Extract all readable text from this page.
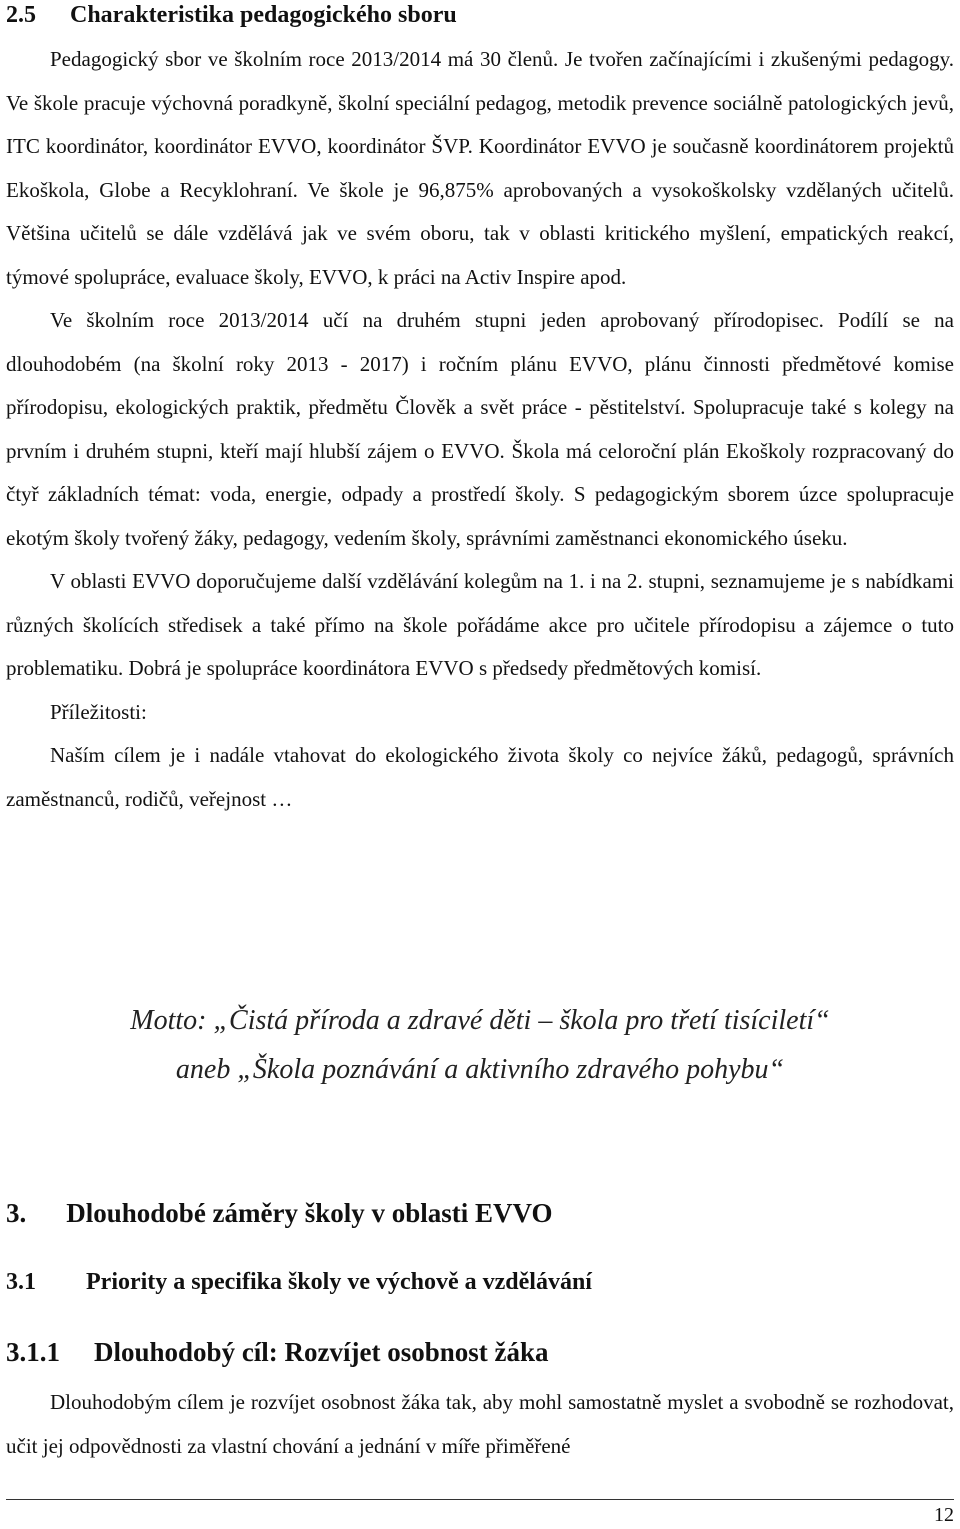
2.5 Charakteristika pedagogického sboru

Pedagogický sbor ve školním roce 2013/2014 má 30 členů. Je tvořen začínajícími i zkušenými pedagogy. Ve škole pracuje výchovná poradkyně, školní speciální pedagog, metodik prevence sociálně patologických jevů, ITC koordinátor, koordinátor EVVO, koordinátor ŠVP. Koordinátor EVVO je současně koordinátorem projektů Ekoškola, Globe a Recyklohraní. Ve škole je 96,875% aprobovaných a vysokoškolsky vzdělaných učitelů. Většina učitelů se dále vzdělává jak ve svém oboru, tak v oblasti kritického myšlení, empatických reakcí, týmové spolupráce, evaluace školy, EVVO, k práci na Activ Inspire apod.

Ve školním roce 2013/2014 učí na druhém stupni jeden aprobovaný přírodopisec. Podílí se na dlouhodobém (na školní roky 2013 - 2017) i ročním plánu EVVO, plánu činnosti předmětové komise přírodopisu, ekologických praktik, předmětu Člověk a svět práce - pěstitelství. Spolupracuje také s kolegy na prvním i druhém stupni, kteří mají hlubší zájem o EVVO. Škola má celoroční plán Ekoškoly rozpracovaný do čtyř základních témat: voda, energie, odpady a prostředí školy. S pedagogickým sborem úzce spolupracuje ekotým školy tvořený žáky, pedagogy, vedením školy, správními zaměstnanci ekonomického úseku.

V oblasti EVVO doporučujeme další vzdělávání kolegům na 1. i na 2. stupni, seznamujeme je s nabídkami různých školících středisek a také přímo na škole pořádáme akce pro učitele přírodopisu a zájemce o tuto problematiku. Dobrá je spolupráce koordinátora EVVO s předsedy předmětových komisí.

Příležitosti:

Naším cílem je i nadále vtahovat do ekologického života školy co nejvíce žáků, pedagogů, správních zaměstnanců, rodičů, veřejnost …

Motto: „Čistá příroda a zdravé děti – škola pro třetí tisíciletí“
aneb „Škola poznávání a aktivního zdravého pohybu“
3. Dlouhodobé záměry školy v oblasti EVVO
3.1 Priority a specifika školy ve výchově a vzdělávání
3.1.1 Dlouhodobý cíl: Rozvíjet osobnost žáka

Dlouhodobým cílem je rozvíjet osobnost žáka tak, aby mohl samostatně myslet a svobodně se rozhodovat, učit jej odpovědnosti za vlastní chování a jednání v míře přiměřené

12
